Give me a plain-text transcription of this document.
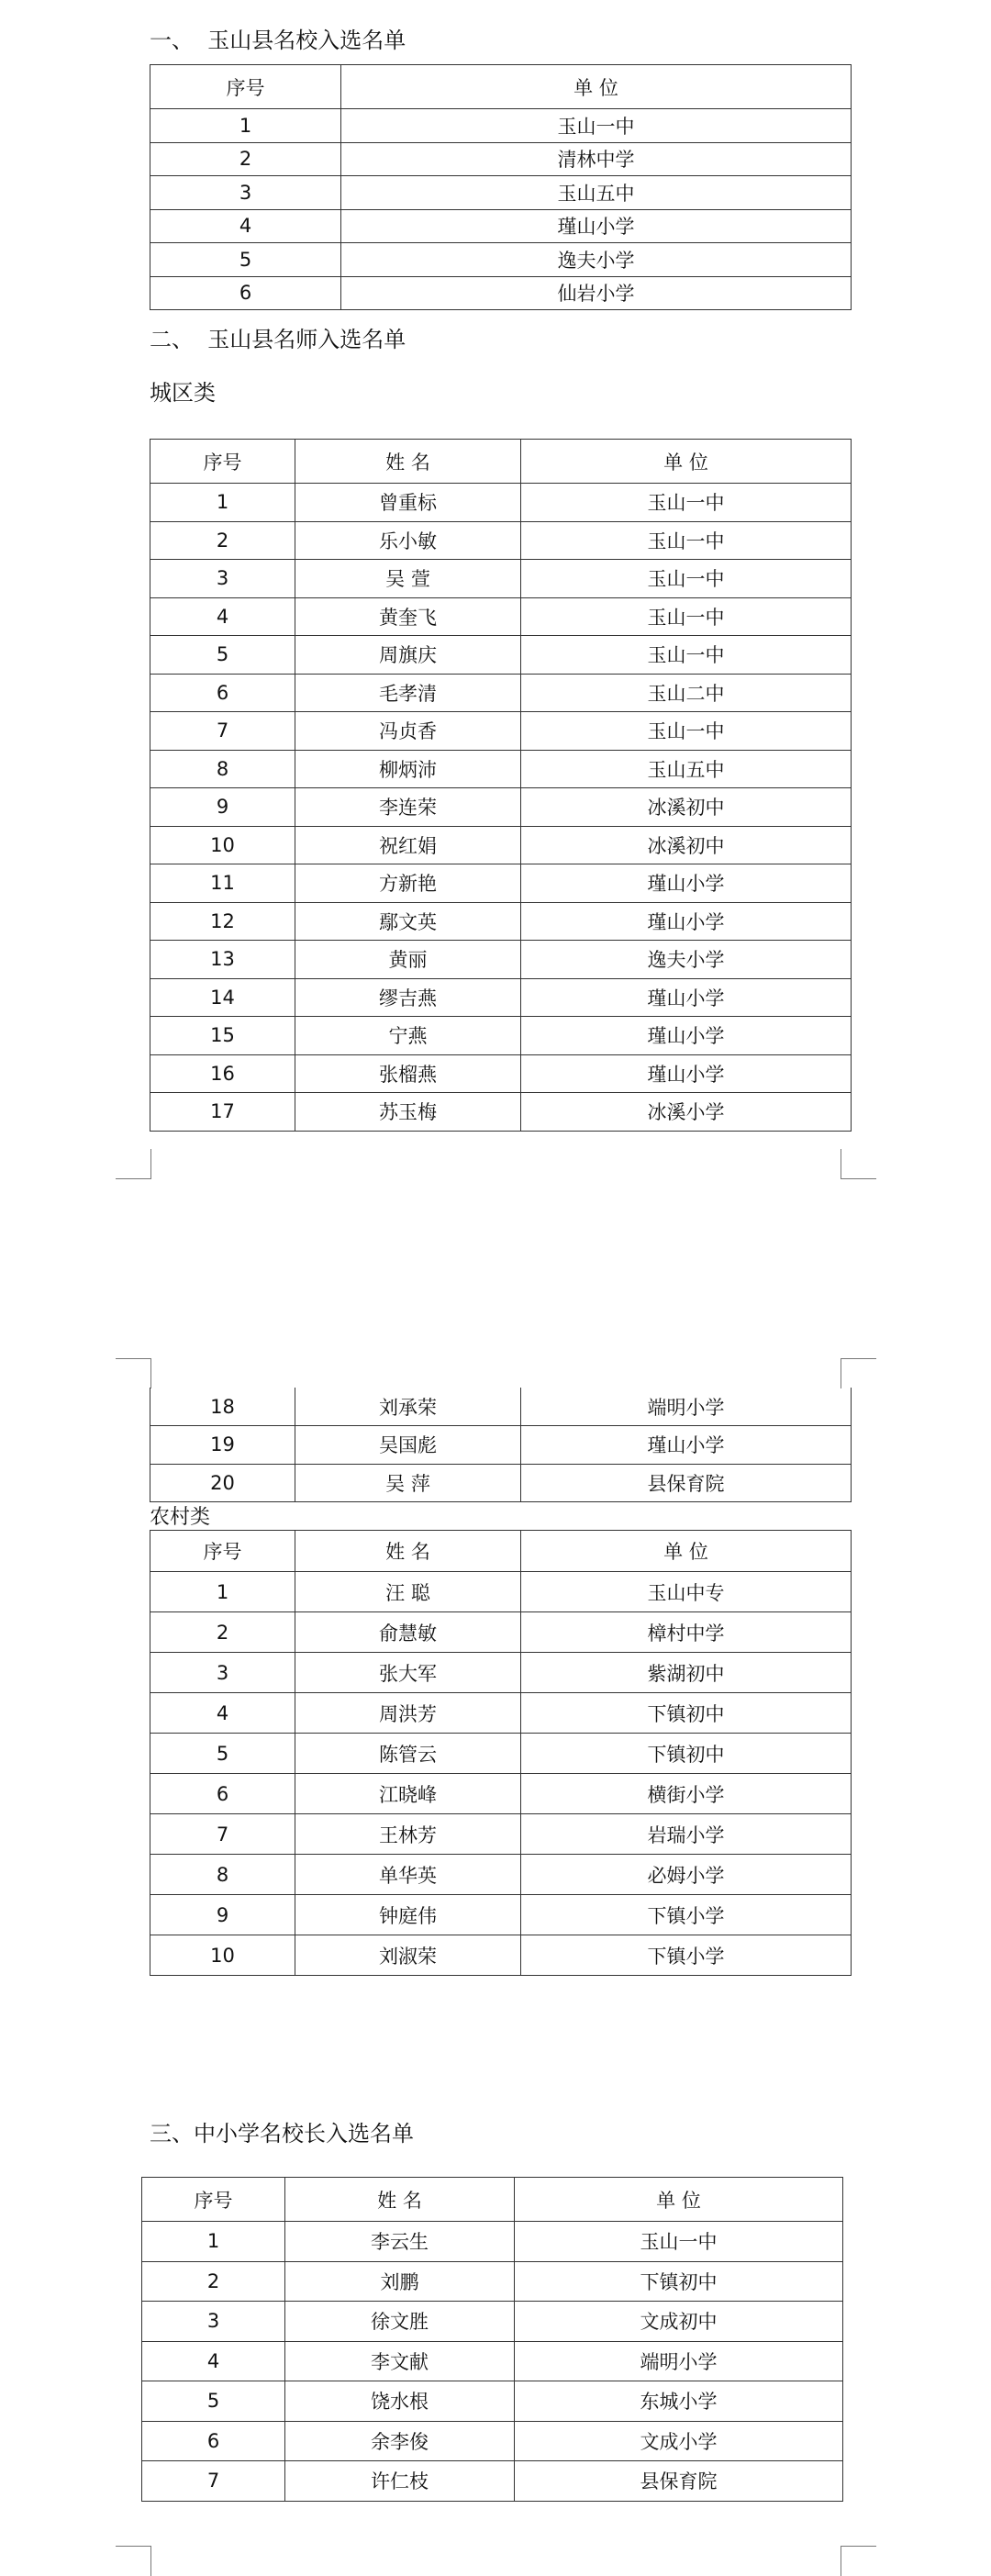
一、  玉山县名校入选名单
序号	单 位
1	玉山一中
2	清林中学
3	玉山五中
4	瑾山小学
5	逸夫小学
6	仙岩小学
二、  玉山县名师入选名单
城区类
序号	姓 名	单 位
1	曾重标	玉山一中
2	乐小敏	玉山一中
3	吴 萱	玉山一中
4	黄奎飞	玉山一中
5	周旗庆	玉山一中
6	毛孝清	玉山二中
7	冯贞香	玉山一中
8	柳炳沛	玉山五中
9	李连荣	冰溪初中
10	祝红娟	冰溪初中
11	方新艳	瑾山小学
12	鄢文英	瑾山小学
13	黄丽	逸夫小学
14	缪吉燕	瑾山小学
15	宁燕	瑾山小学
16	张榴燕	瑾山小学
17	苏玉梅	冰溪小学
18	刘承荣	端明小学
19	吴国彪	瑾山小学
20	吴 萍	县保育院
农村类
序号	姓 名	单 位
1	汪 聪	玉山中专
2	俞慧敏	樟村中学
3	张大军	紫湖初中
4	周洪芳	下镇初中
5	陈管云	下镇初中
6	江晓峰	横街小学
7	王林芳	岩瑞小学
8	单华英	必姆小学
9	钟庭伟	下镇小学
10	刘淑荣	下镇小学
三、中小学名校长入选名单
序号	姓 名	单 位
1	李云生	玉山一中
2	刘鹏	下镇初中
3	徐文胜	文成初中
4	李文献	端明小学
5	饶水根	东城小学
6	余李俊	文成小学
7	许仁枝	县保育院
